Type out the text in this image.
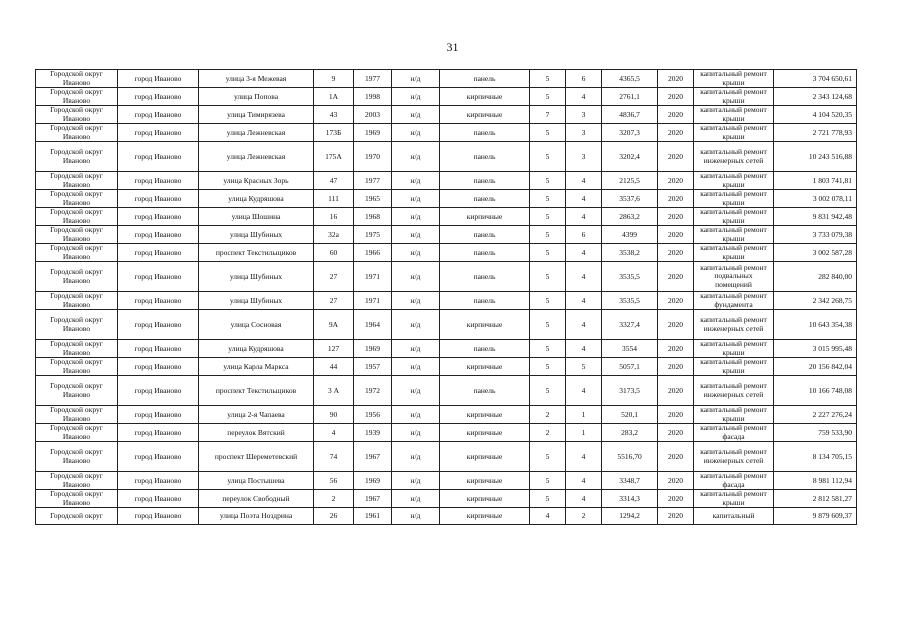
31
Городской округ Иваново	город Иваново	улица 3-я Межевая	9	1977	н/д	панель	5	6	4365,5	2020	капитальный ремонт крыши	3 704 650,61
Городской округ Иваново	город Иваново	улица Попова	1А	1998	н/д	кирпичные	5	4	2761,1	2020	капитальный ремонт крыши	2 343 124,68
Городской округ Иваново	город Иваново	улица Тимирязева	43	2003	н/д	кирпичные	7	3	4836,7	2020	капитальный ремонт крыши	4 104 520,35
Городской округ Иваново	город Иваново	улица Лежневская	173Б	1969	н/д	панель	5	3	3207,3	2020	капитальный ремонт крыши	2 721 778,93
Городской округ Иваново	город Иваново	улица Лежневская	175А	1970	н/д	панель	5	3	3202,4	2020	капитальный ремонт инженерных сетей	10 243 516,88
Городской округ Иваново	город Иваново	улица Красных Зорь	47	1977	н/д	панель	5	4	2125,5	2020	капитальный ремонт крыши	1 803 741,81
Городской округ Иваново	город Иваново	улица Кудряшова	111	1965	н/д	панель	5	4	3537,6	2020	капитальный ремонт крыши	3 002 078,11
Городской округ Иваново	город Иваново	улица Шошина	16	1968	н/д	кирпичные	5	4	2863,2	2020	капитальный ремонт крыши	9 831 942,48
Городской округ Иваново	город Иваново	улица Шубиных	32а	1975	н/д	панель	5	6	4399	2020	капитальный ремонт крыши	3 733 079,38
Городской округ Иваново	город Иваново	проспект Текстильщиков	60	1966	н/д	панель	5	4	3538,2	2020	капитальный ремонт крыши	3 002 587,28
Городской округ Иваново	город Иваново	улица Шубиных	27	1971	н/д	панель	5	4	3535,5	2020	капитальный ремонт подвальных помещений	282 840,00
Городской округ Иваново	город Иваново	улица Шубиных	27	1971	н/д	панель	5	4	3535,5	2020	капитальный ремонт фундамента	2 342 268,75
Городской округ Иваново	город Иваново	улица Сосновая	9А	1964	н/д	кирпичные	5	4	3327,4	2020	капитальный ремонт инженерных сетей	10 643 354,38
Городской округ Иваново	город Иваново	улица Кудряшова	127	1969	н/д	панель	5	4	3554	2020	капитальный ремонт крыши	3 015 995,48
Городской округ Иваново	город Иваново	улица Карла Маркса	44	1957	н/д	кирпичные	5	5	5057,1	2020	капитальный ремонт крыши	20 156 842,04
Городской округ Иваново	город Иваново	проспект Текстильщиков	3 А	1972	н/д	панель	5	4	3173,5	2020	капитальный ремонт инженерных сетей	10 166 748,08
Городской округ Иваново	город Иваново	улица 2-я Чапаева	90	1956	н/д	кирпичные	2	1	520,1	2020	капитальный ремонт крыши	2 227 276,24
Городской округ Иваново	город Иваново	переулок Вятский	4	1939	н/д	кирпичные	2	1	283,2	2020	капитальный ремонт фасада	759 533,90
Городской округ Иваново	город Иваново	проспект Шереметевский	74	1967	н/д	кирпичные	5	4	5516,70	2020	капитальный ремонт инженерных сетей	8 134 705,15
Городской округ Иваново	город Иваново	улица Постышева	56	1969	н/д	кирпичные	5	4	3348,7	2020	капитальный ремонт фасада	8 981 112,94
Городской округ Иваново	город Иваново	переулок Свободный	2	1967	н/д	кирпичные	5	4	3314,3	2020	капитальный ремонт крыши	2 812 581,27
Городской округ	город Иваново	улица Поэта Ноздрина	26	1961	н/д	кирпичные	4	2	1294,2	2020	капитальный	9 879 609,37
